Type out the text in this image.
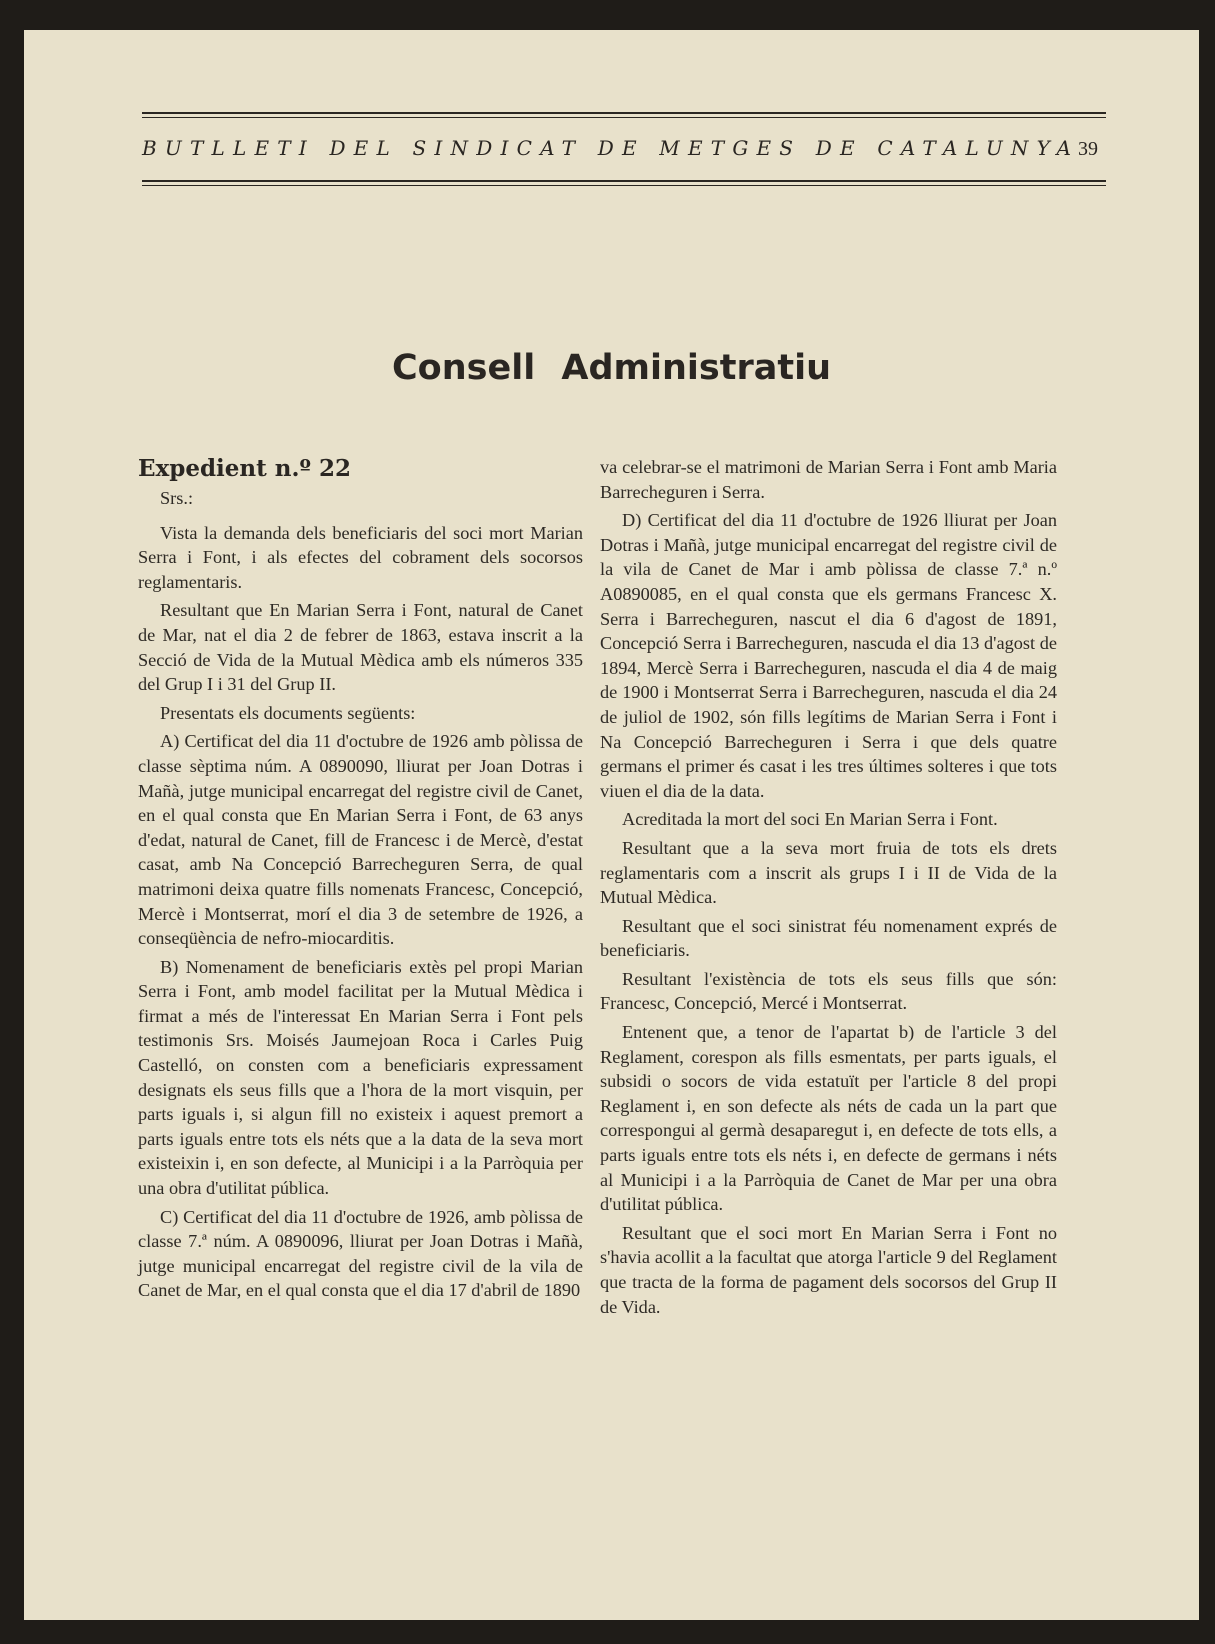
BUTLLETI DEL SINDICAT DE METGES DE CATALUNYA
39
Consell Administratiu
Expedient n.º 22

Srs.:

Vista la demanda dels beneficiaris del soci mort Marian Serra i Font, i als efectes del cobrament dels socorsos reglamentaris.

Resultant que En Marian Serra i Font, natural de Canet de Mar, nat el dia 2 de febrer de 1863, estava inscrit a la Secció de Vida de la Mutual Mèdica amb els números 335 del Grup I i 31 del Grup II.

Presentats els documents següents:

A) Certificat del dia 11 d'octubre de 1926 amb pòlissa de classe sèptima núm. A 0890090, lliurat per Joan Dotras i Mañà, jutge municipal encarregat del registre civil de Canet, en el qual consta que En Marian Serra i Font, de 63 anys d'edat, natural de Canet, fill de Francesc i de Mercè, d'estat casat, amb Na Concepció Barrecheguren Serra, de qual matrimoni deixa quatre fills nomenats Francesc, Concepció, Mercè i Montserrat, morí el dia 3 de setembre de 1926, a conseqüència de nefro-miocarditis.

B) Nomenament de beneficiaris extès pel propi Marian Serra i Font, amb model facilitat per la Mutual Mèdica i firmat a més de l'interessat En Marian Serra i Font pels testimonis Srs. Moisés Jaumejoan Roca i Carles Puig Castelló, on consten com a beneficiaris expressament designats els seus fills que a l'hora de la mort visquin, per parts iguals i, si algun fill no existeix i aquest premort a parts iguals entre tots els néts que a la data de la seva mort existeixin i, en son defecte, al Municipi i a la Parròquia per una obra d'utilitat pública.

C) Certificat del dia 11 d'octubre de 1926, amb pòlissa de classe 7.ª núm. A 0890096, lliurat per Joan Dotras i Mañà, jutge municipal encarregat del registre civil de la vila de Canet de Mar, en el qual consta que el dia 17 d'abril de 1890

va celebrar-se el matrimoni de Marian Serra i Font amb Maria Barrecheguren i Serra.

D) Certificat del dia 11 d'octubre de 1926 lliurat per Joan Dotras i Mañà, jutge municipal encarregat del registre civil de la vila de Canet de Mar i amb pòlissa de classe 7.ª n.º A0890085, en el qual consta que els germans Francesc X. Serra i Barrecheguren, nascut el dia 6 d'agost de 1891, Concepció Serra i Barrecheguren, nascuda el dia 13 d'agost de 1894, Mercè Serra i Barrecheguren, nascuda el dia 4 de maig de 1900 i Montserrat Serra i Barrecheguren, nascuda el dia 24 de juliol de 1902, són fills legítims de Marian Serra i Font i Na Concepció Barrecheguren i Serra i que dels quatre germans el primer és casat i les tres últimes solteres i que tots viuen el dia de la data.

Acreditada la mort del soci En Marian Serra i Font.

Resultant que a la seva mort fruia de tots els drets reglamentaris com a inscrit als grups I i II de Vida de la Mutual Mèdica.

Resultant que el soci sinistrat féu nomenament exprés de beneficiaris.

Resultant l'existència de tots els seus fills que són: Francesc, Concepció, Mercé i Montserrat.

Entenent que, a tenor de l'apartat b) de l'article 3 del Reglament, corespon als fills esmentats, per parts iguals, el subsidi o socors de vida estatuït per l'article 8 del propi Reglament i, en son defecte als néts de cada un la part que correspongui al germà desaparegut i, en defecte de tots ells, a parts iguals entre tots els néts i, en defecte de germans i néts al Municipi i a la Parròquia de Canet de Mar per una obra d'utilitat pública.

Resultant que el soci mort En Marian Serra i Font no s'havia acollit a la facultat que atorga l'article 9 del Reglament que tracta de la forma de pagament dels socorsos del Grup II de Vida.
